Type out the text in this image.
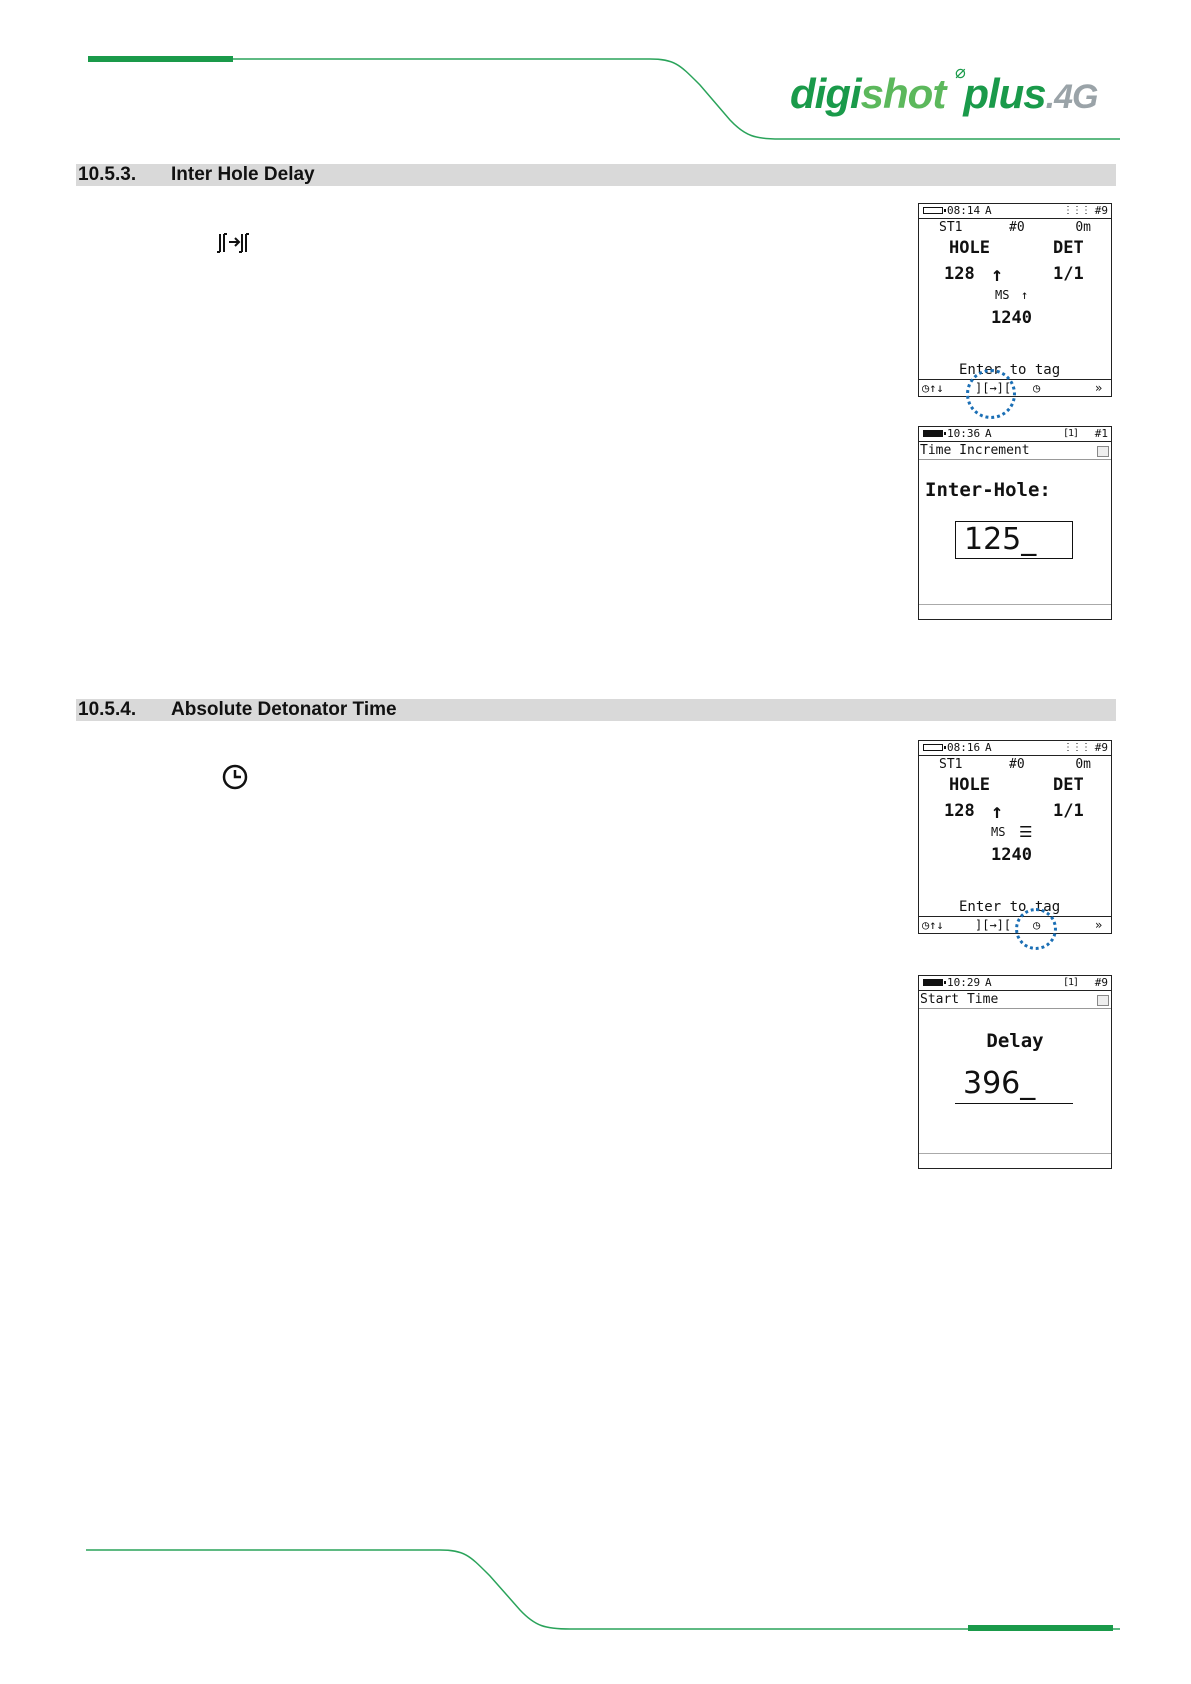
digishot plus.4G
⌀
10.5.3. Inter Hole Delay
08:14 A	⋮⋮⋮ #9
ST1	#0	0m
HOLE	DET
128 ↑	1/1
MS ↑
1240
Enter to tag
◷↑↓	][→][ ◷	»
10:36 A	[1] #1
Time Increment
Inter-Hole:
125_
10.5.4. Absolute Detonator Time
08:16 A	⋮⋮⋮ #9
ST1	#0	0m
HOLE	DET
128 ↑	1/1
MS ☰
1240
Enter to tag
◷↑↓	][→][ ◷	»
10:29 A	[1] #9
Start Time
Delay
396_
